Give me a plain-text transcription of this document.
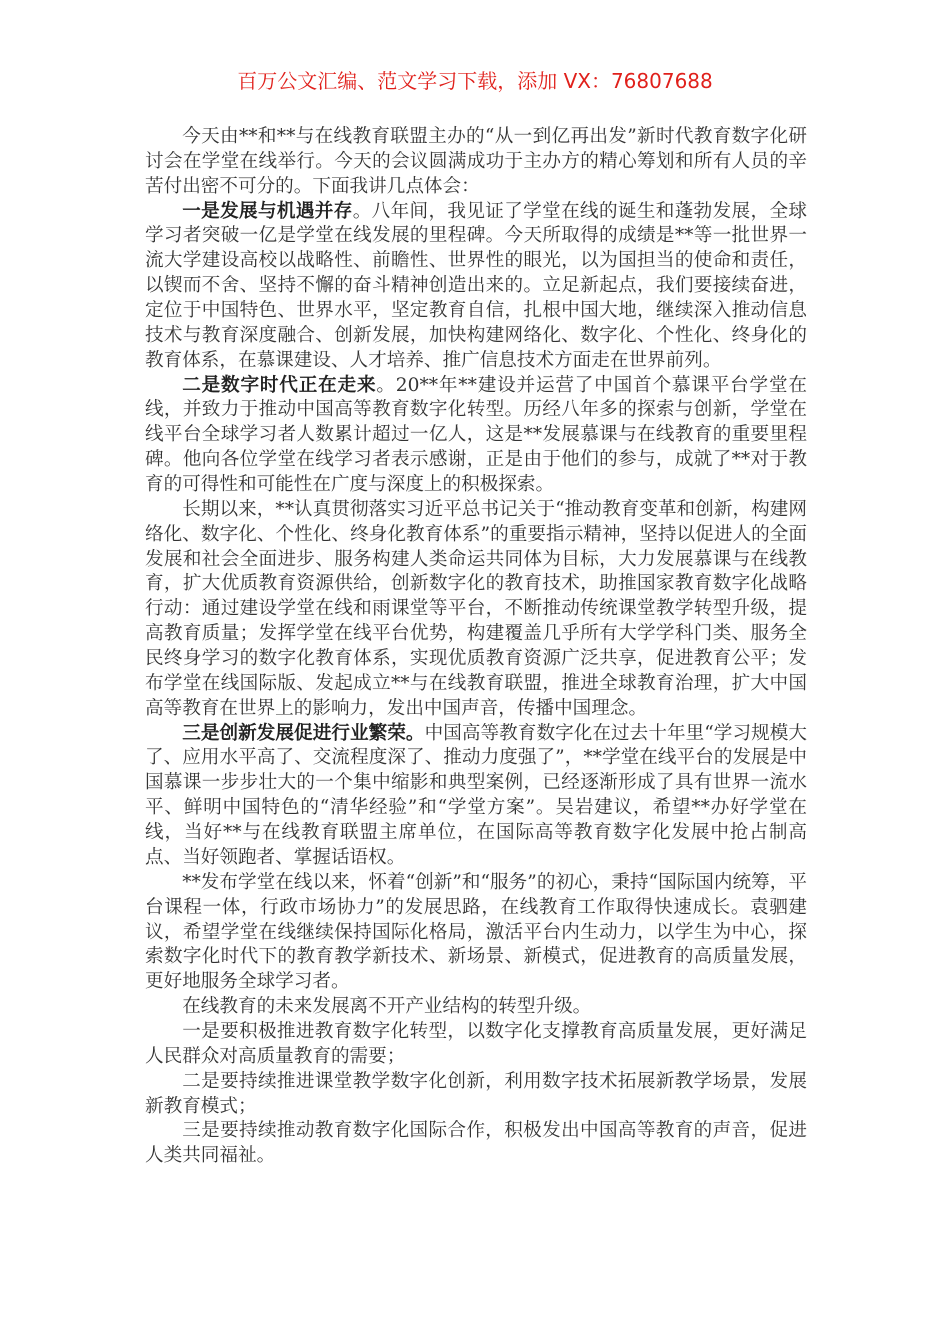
百万公文汇编、范文学习下载，添加 VX：76807688

今天由**和**与在线教育联盟主办的“从一到亿再出发”新时代教育数字化研讨会在学堂在线举行。今天的会议圆满成功于主办方的精心筹划和所有人员的辛苦付出密不可分的。下面我讲几点体会：

一是发展与机遇并存。八年间，我见证了学堂在线的诞生和蓬勃发展，全球学习者突破一亿是学堂在线发展的里程碑。今天所取得的成绩是**等一批世界一流大学建设高校以战略性、前瞻性、世界性的眼光，以为国担当的使命和责任，以锲而不舍、坚持不懈的奋斗精神创造出来的。立足新起点，我们要接续奋进，定位于中国特色、世界水平，坚定教育自信，扎根中国大地，继续深入推动信息技术与教育深度融合、创新发展，加快构建网络化、数字化、个性化、终身化的教育体系，在慕课建设、人才培养、推广信息技术方面走在世界前列。

二是数字时代正在走来。20**年**建设并运营了中国首个慕课平台学堂在线，并致力于推动中国高等教育数字化转型。历经八年多的探索与创新，学堂在线平台全球学习者人数累计超过一亿人，这是**发展慕课与在线教育的重要里程碑。他向各位学堂在线学习者表示感谢，正是由于他们的参与，成就了**对于教育的可得性和可能性在广度与深度上的积极探索。

长期以来，**认真贯彻落实习近平总书记关于“推动教育变革和创新，构建网络化、数字化、个性化、终身化教育体系”的重要指示精神，坚持以促进人的全面发展和社会全面进步、服务构建人类命运共同体为目标，大力发展慕课与在线教育，扩大优质教育资源供给，创新数字化的教育技术，助推国家教育数字化战略行动：通过建设学堂在线和雨课堂等平台，不断推动传统课堂教学转型升级，提高教育质量；发挥学堂在线平台优势，构建覆盖几乎所有大学学科门类、服务全民终身学习的数字化教育体系，实现优质教育资源广泛共享，促进教育公平；发布学堂在线国际版、发起成立**与在线教育联盟，推进全球教育治理，扩大中国高等教育在世界上的影响力，发出中国声音，传播中国理念。

三是创新发展促进行业繁荣。中国高等教育数字化在过去十年里“学习规模大了、应用水平高了、交流程度深了、推动力度强了”，**学堂在线平台的发展是中国慕课一步步壮大的一个集中缩影和典型案例，已经逐渐形成了具有世界一流水平、鲜明中国特色的“清华经验”和“学堂方案”。吴岩建议，希望**办好学堂在线，当好**与在线教育联盟主席单位，在国际高等教育数字化发展中抢占制高点、当好领跑者、掌握话语权。

**发布学堂在线以来，怀着“创新”和“服务”的初心，秉持“国际国内统筹，平台课程一体，行政市场协力”的发展思路，在线教育工作取得快速成长。袁驷建议，希望学堂在线继续保持国际化格局，激活平台内生动力，以学生为中心，探索数字化时代下的教育教学新技术、新场景、新模式，促进教育的高质量发展，更好地服务全球学习者。

在线教育的未来发展离不开产业结构的转型升级。

一是要积极推进教育数字化转型，以数字化支撑教育高质量发展，更好满足人民群众对高质量教育的需要；

二是要持续推进课堂教学数字化创新，利用数字技术拓展新教学场景，发展新教育模式；

三是要持续推动教育数字化国际合作，积极发出中国高等教育的声音，促进人类共同福祉。
